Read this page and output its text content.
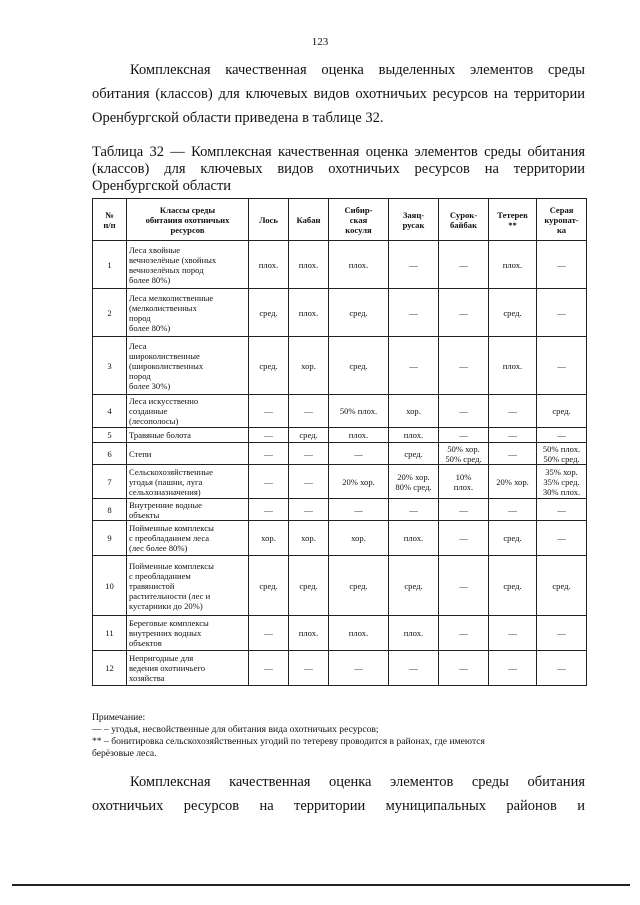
123
Комплексная качественная оценка выделенных элементов среды
обитания (классов) для ключевых видов охотничьих ресурсов на территории
Оренбургской области приведена в таблице 32.
Таблица 32 — Комплексная качественная оценка элементов среды обитания
(классов) для ключевых видов охотничьих ресурсов на территории
Оренбургской области
№
п/п	Классы среды
обитания охотничьих
ресурсов	Лось	Кабан	Сибир-
ская
косуля	Заяц-
русак	Сурок-
байбак	Тетерев
**	Серая
куропат-
ка

1	Леса хвойные
вечнозелёные (хвойных
вечнозелёных пород
более 80%)	плох.	плох.	плох.	—	—	плох.	—

2	Леса мелколиственные
(мелколиственных
пород
более 80%)	сред.	плох.	сред.	—	—	сред.	—

3	Леса
широколиственные
(широколиственных
пород
более 30%)	сред.	хор.	сред.	—	—	плох.	—

4	Леса искусственно
созданные
(лесополосы)	—	—	50% плох.	хор.	—	—	сред.

5	Травяные болота	—	сред.	плох.	плох.	—	—	—

6	Степи	—	—	—	сред.	50% хор.
50% сред.	—	50% плох.
50% сред.

7	Сельскохозяйственные
угодья (пашни, луга
сельхозназначения)	—	—	20% хор.	20% хор.
80% сред.	10%
плох.	20% хор.	35% хор.
35% сред.
30% плох.

8	Внутренние водные
объекты	—	—	—	—	—	—	—

9	Пойменные комплексы
с преобладанием леса
(лес более 80%)	хор.	хор.	хор.	плох.	—	сред.	—

10	Пойменные комплексы
с преобладанием
травянистой
растительности (лес и
кустарники до 20%)	сред.	сред.	сред.	сред.	—	сред.	сред.

11	Береговые комплексы
внутренних водных
объектов	—	плох.	плох.	плох.	—	—	—

12	Непригодные для
ведения охотничьего
хозяйства	—	—	—	—	—	—	—
Примечание:
— – угодья, несвойственные для обитания вида охотничьих ресурсов;
** – бонитировка сельскохозяйственных угодий по тетереву проводится в районах, где имеются
берёзовые леса.
Комплексная качественная оценка элементов среды обитания
охотничьих ресурсов на территории муниципальных районов и
